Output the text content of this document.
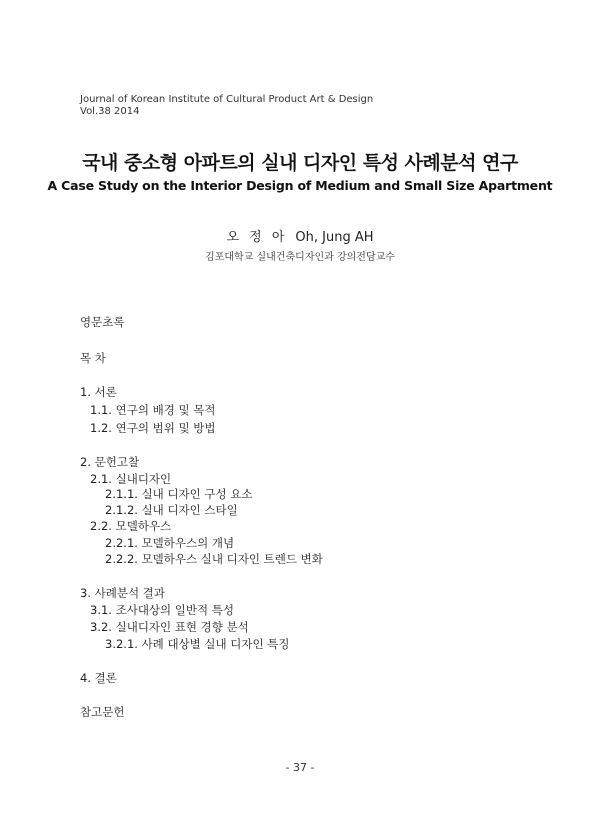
Journal of Korean Institute of Cultural Product Art & Design
Vol.38 2014
국내 중소형 아파트의 실내 디자인 특성 사례분석 연구
A Case Study on the Interior Design of Medium and Small Size Apartment
오 정 아 Oh, Jung AH
김포대학교 실내건축디자인과 강의전담교수
영문초록
목 차
1. 서론
1.1. 연구의 배경 및 목적
1.2. 연구의 범위 및 방법
2. 문헌고찰
2.1. 실내디자인
2.1.1. 실내 디자인 구성 요소
2.1.2. 실내 디자인 스타일
2.2. 모델하우스
2.2.1. 모델하우스의 개념
2.2.2. 모델하우스 실내 디자인 트렌드 변화
3. 사례분석 결과
3.1. 조사대상의 일반적 특성
3.2. 실내디자인 표현 경향 분석
3.2.1. 사례 대상별 실내 디자인 특징
4. 결론
참고문헌
- 37 -
